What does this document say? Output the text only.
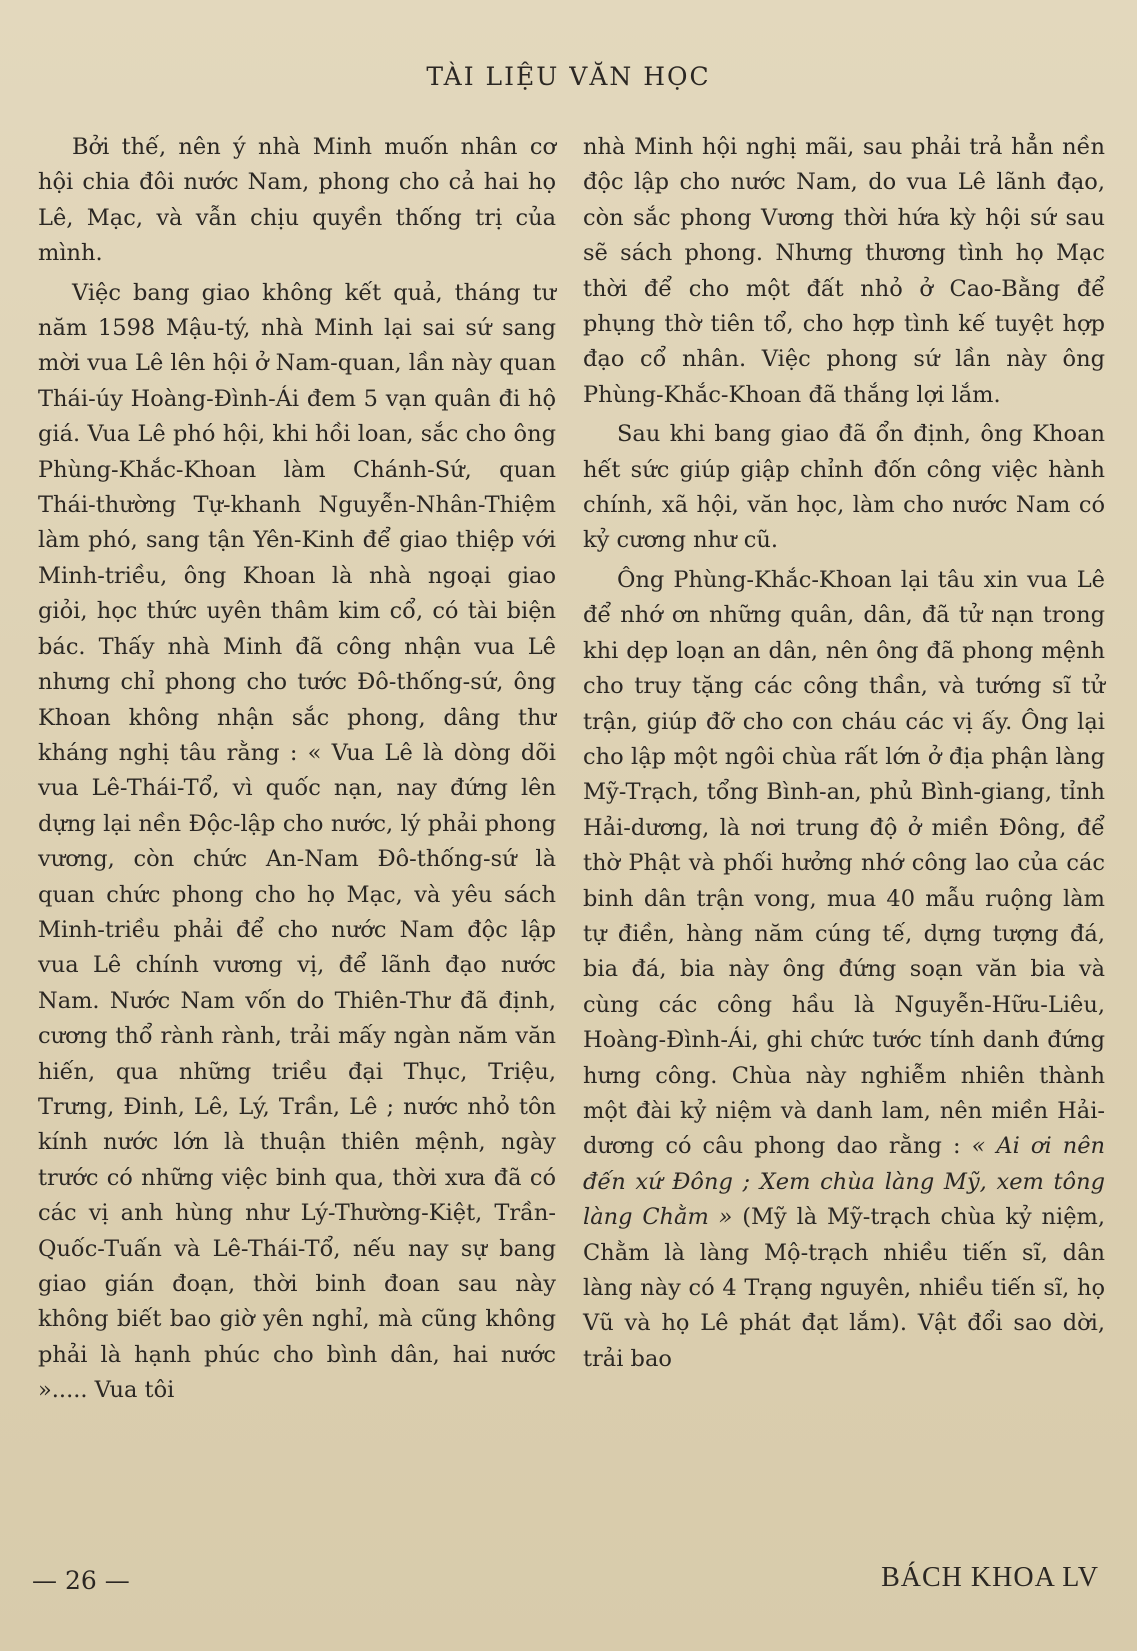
TÀI LIỆU VĂN HỌC

Bởi thế, nên ý nhà Minh muốn nhân cơ hội chia đôi nước Nam, phong cho cả hai họ Lê, Mạc, và vẫn chịu quyền thống trị của mình.

Việc bang giao không kết quả, tháng tư năm 1598 Mậu-tý, nhà Minh lại sai sứ sang mời vua Lê lên hội ở Nam-quan, lần này quan Thái-úy Hoàng-Đình-Ái đem 5 vạn quân đi hộ giá. Vua Lê phó hội, khi hồi loan, sắc cho ông Phùng-Khắc-Khoan làm Chánh-Sứ, quan Thái-thường Tự-khanh Nguyễn-Nhân-Thiệm làm phó, sang tận Yên-Kinh để giao thiệp với Minh-triều, ông Khoan là nhà ngoại giao giỏi, học thức uyên thâm kim cổ, có tài biện bác. Thấy nhà Minh đã công nhận vua Lê nhưng chỉ phong cho tước Đô-thống-sứ, ông Khoan không nhận sắc phong, dâng thư kháng nghị tâu rằng : « Vua Lê là dòng dõi vua Lê-Thái-Tổ, vì quốc nạn, nay đứng lên dựng lại nền Độc-lập cho nước, lý phải phong vương, còn chức An-Nam Đô-thống-sứ là quan chức phong cho họ Mạc, và yêu sách Minh-triều phải để cho nước Nam độc lập vua Lê chính vương vị, để lãnh đạo nước Nam. Nước Nam vốn do Thiên-Thư đã định, cương thổ rành rành, trải mấy ngàn năm văn hiến, qua những triều đại Thục, Triệu, Trưng, Đinh, Lê, Lý, Trần, Lê ; nước nhỏ tôn kính nước lớn là thuận thiên mệnh, ngày trước có những việc binh qua, thời xưa đã có các vị anh hùng như Lý-Thường-Kiệt, Trần-Quốc-Tuấn và Lê-Thái-Tổ, nếu nay sự bang giao gián đoạn, thời binh đoan sau này không biết bao giờ yên nghỉ, mà cũng không phải là hạnh phúc cho bình dân, hai nước »..... Vua tôi

nhà Minh hội nghị mãi, sau phải trả hẳn nền độc lập cho nước Nam, do vua Lê lãnh đạo, còn sắc phong Vương thời hứa kỳ hội sứ sau sẽ sách phong. Nhưng thương tình họ Mạc thời để cho một đất nhỏ ở Cao-Bằng để phụng thờ tiên tổ, cho hợp tình kế tuyệt hợp đạo cổ nhân. Việc phong sứ lần này ông Phùng-Khắc-Khoan đã thắng lợi lắm.

Sau khi bang giao đã ổn định, ông Khoan hết sức giúp giập chỉnh đốn công việc hành chính, xã hội, văn học, làm cho nước Nam có kỷ cương như cũ.

Ông Phùng-Khắc-Khoan lại tâu xin vua Lê để nhớ ơn những quân, dân, đã tử nạn trong khi dẹp loạn an dân, nên ông đã phong mệnh cho truy tặng các công thần, và tướng sĩ tử trận, giúp đỡ cho con cháu các vị ấy. Ông lại cho lập một ngôi chùa rất lớn ở địa phận làng Mỹ-Trạch, tổng Bình-an, phủ Bình-giang, tỉnh Hải-dương, là nơi trung độ ở miền Đông, để thờ Phật và phối hưởng nhớ công lao của các binh dân trận vong, mua 40 mẫu ruộng làm tự điền, hàng năm cúng tế, dựng tượng đá, bia đá, bia này ông đứng soạn văn bia và cùng các công hầu là Nguyễn-Hữu-Liêu, Hoàng-Đình-Ái, ghi chức tước tính danh đứng hưng công. Chùa này nghiễm nhiên thành một đài kỷ niệm và danh lam, nên miền Hải-dương có câu phong dao rằng : « Ai ơi nên đến xứ Đông ; Xem chùa làng Mỹ, xem tông làng Chằm » (Mỹ là Mỹ-trạch chùa kỷ niệm, Chằm là làng Mộ-trạch nhiều tiến sĩ, dân làng này có 4 Trạng nguyên, nhiều tiến sĩ, họ Vũ và họ Lê phát đạt lắm). Vật đổi sao dời, trải bao

— 26 —	BÁCH KHOA LV
